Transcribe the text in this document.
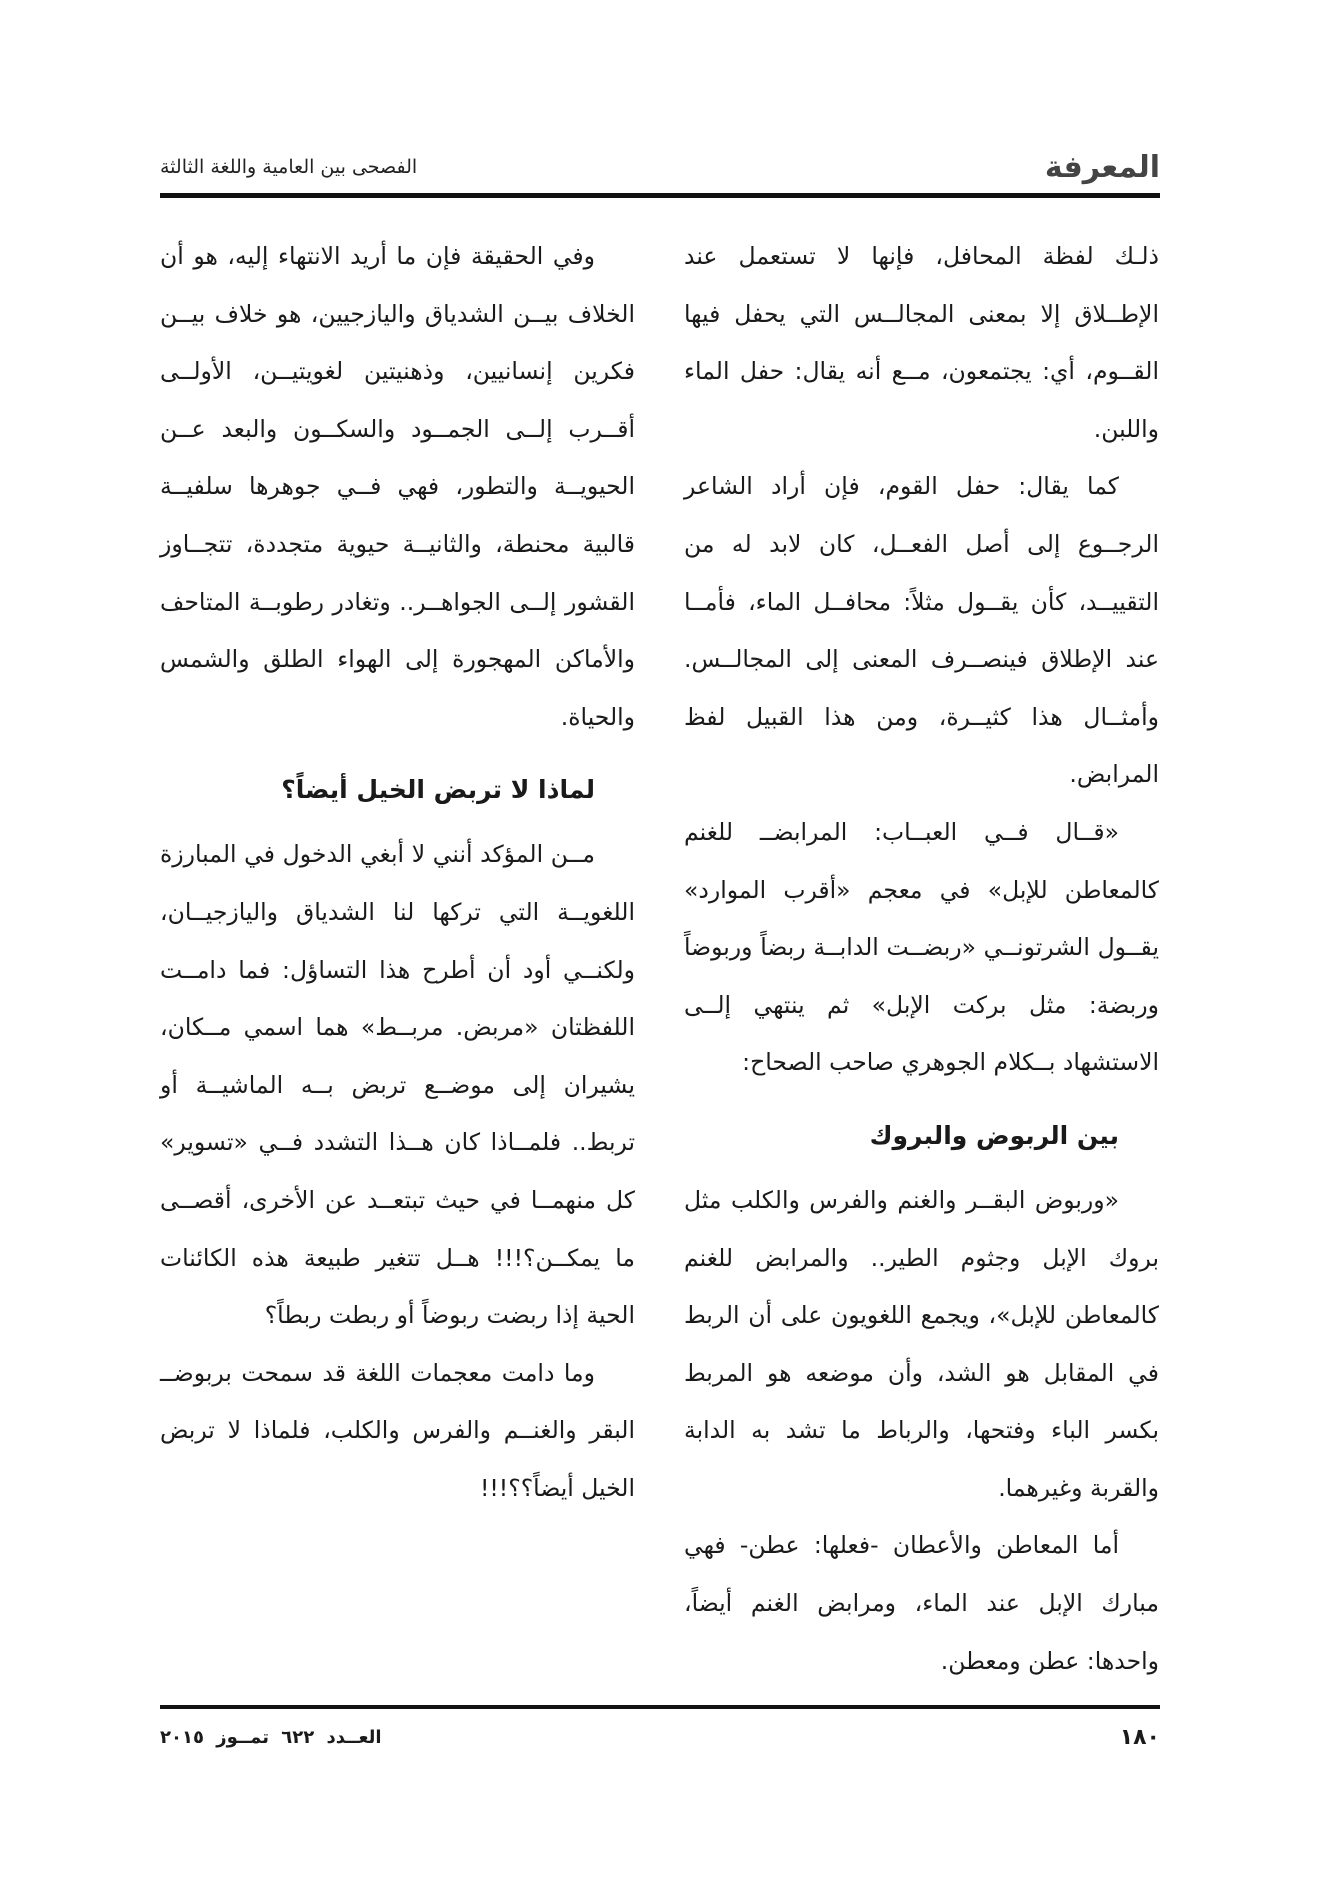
المعرفة
الفصحى بين العامية واللغة الثالثة

ذلـك لفظة المحافل، فإنها لا تستعمل عند الإطــلاق إلا بمعنى المجالــس التي يحفل فيها القــوم، أي: يجتمعون، مــع أنه يقال: حفل الماء واللبن.

كما يقال: حفل القوم، فإن أراد الشاعر الرجــوع إلى أصل الفعــل، كان لابد له من التقييــد، كأن يقــول مثلاً: محافــل الماء، فأمــا عند الإطلاق فينصــرف المعنى إلى المجالــس. وأمثــال هذا كثيــرة، ومن هذا القبيل لفظ المرابض.

«قــال فــي العبــاب: المرابضــ للغنم كالمعاطن للإبل» في معجم «أقرب الموارد» يقــول الشرتونــي «ربضــت الدابــة ربضاً وربوضاً وربضة: مثل بركت الإبل» ثم ينتهي إلــى الاستشهاد بــكلام الجوهري صاحب الصحاح:

بين الربوض والبروك

«وربوض البقــر والغنم والفرس والكلب مثل بروك الإبل وجثوم الطير.. والمرابض للغنم كالمعاطن للإبل»، ويجمع اللغويون على أن الربط في المقابل هو الشد، وأن موضعه هو المربط بكسر الباء وفتحها، والرباط ما تشد به الدابة والقربة وغيرهما.

أما المعاطن والأعطان -فعلها: عطن- فهي مبارك الإبل عند الماء، ومرابض الغنم أيضاً، واحدها: عطن ومعطن.

وفي الحقيقة فإن ما أريد الانتهاء إليه، هو أن الخلاف بيــن الشدياق واليازجيين، هو خلاف بيــن فكرين إنسانيين، وذهنيتين لغويتيــن، الأولــى أقــرب إلــى الجمــود والسكــون والبعد عــن الحيويــة والتطور، فهي فــي جوهرها سلفيــة قالبية محنطة، والثانيــة حيوية متجددة، تتجــاوز القشور إلــى الجواهــر.. وتغادر رطوبــة المتاحف والأماكن المهجورة إلى الهواء الطلق والشمس والحياة.

لماذا لا تربض الخيل أيضاً؟

مــن المؤكد أنني لا أبغي الدخول في المبارزة اللغويــة التي تركها لنا الشدياق واليازجيــان، ولكنــي أود أن أطرح هذا التساؤل: فما دامــت اللفظتان «مربض. مربــط» هما اسمي مــكان، يشيران إلى موضــع تربض بــه الماشيــة أو تربط.. فلمــاذا كان هــذا التشدد فــي «تسوير» كل منهمــا في حيث تبتعــد عن الأخرى، أقصــى ما يمكــن؟!!! هــل تتغير طبيعة هذه الكائنات الحية إذا ربضت ربوضاً أو ربطت ربطاً؟

وما دامت معجمات اللغة قد سمحت بربوضــ البقر والغنــم والفرس والكلب، فلماذا لا تربض الخيل أيضاً؟؟!!!

١٨٠
العــدد ٦٢٢ تمــوز ٢٠١٥
